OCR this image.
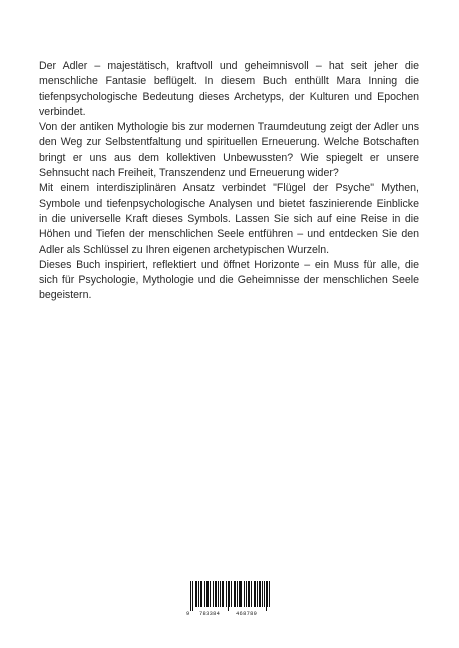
Der Adler – majestätisch, kraftvoll und geheimnisvoll – hat seit jeher die menschliche Fantasie beflügelt. In diesem Buch enthüllt Mara Inning die tiefenpsychologische Bedeutung dieses Archetyps, der Kulturen und Epochen verbindet.

Von der antiken Mythologie bis zur modernen Traumdeutung zeigt der Adler uns den Weg zur Selbstentfaltung und spirituellen Erneuerung. Welche Botschaften bringt er uns aus dem kollektiven Unbewussten? Wie spiegelt er unsere Sehnsucht nach Freiheit, Transzendenz und Erneuerung wider?

Mit einem interdisziplinären Ansatz verbindet "Flügel der Psyche" Mythen, Symbole und tiefenpsychologische Analysen und bietet faszinierende Einblicke in die universelle Kraft dieses Symbols. Lassen Sie sich auf eine Reise in die Höhen und Tiefen der menschlichen Seele entführen – und entdecken Sie den Adler als Schlüssel zu Ihren eigenen archetypischen Wurzeln.

Dieses Buch inspiriert, reflektiert und öffnet Horizonte – ein Muss für alle, die sich für Psychologie, Mythologie und die Geheimnisse der menschlichen Seele begeistern.

9 783384	468789
